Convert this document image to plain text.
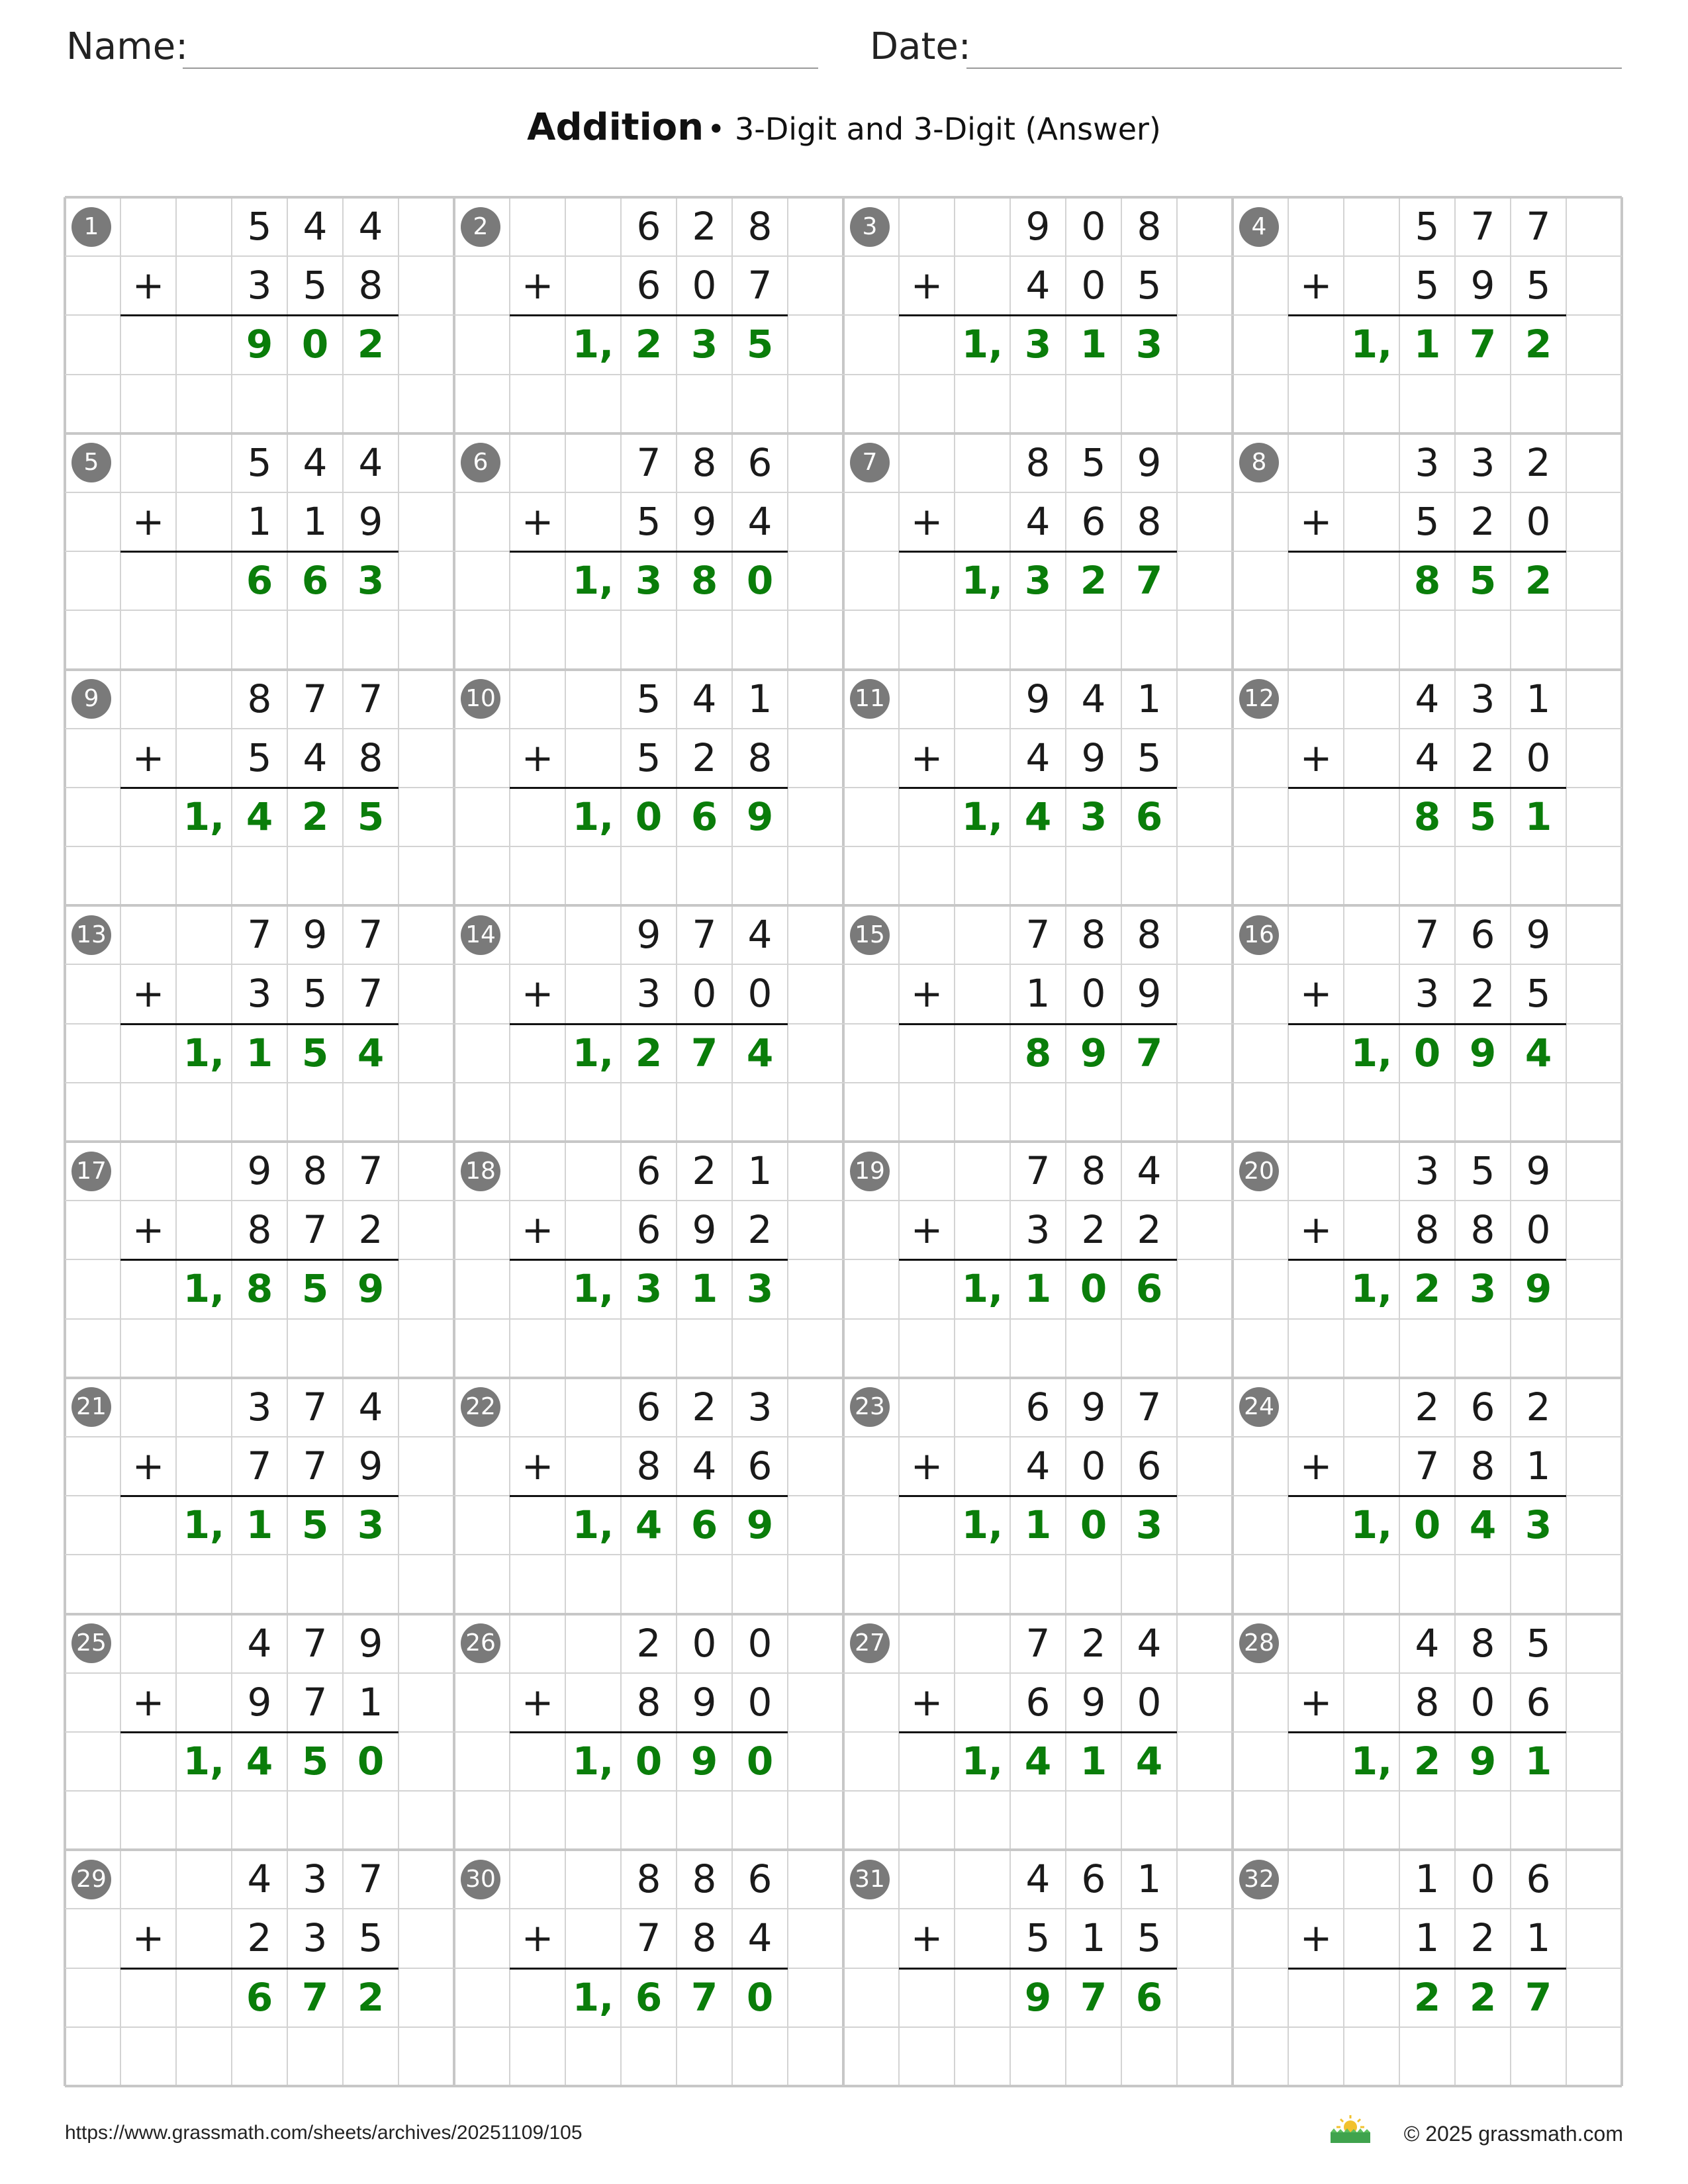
Name:	Date:
Addition • 3-Digit and 3-Digit (Answer)
1	5 4 4
+	3 5 8
9 0 2
2	6 2 8
+	6 0 7
1, 2 3 5
3	9 0 8
+	4 0 5
1, 3 1 3
4	5 7 7
+	5 9 5
1, 1 7 2
5	5 4 4
+	1 1 9
6 6 3
6	7 8 6
+	5 9 4
1, 3 8 0
7	8 5 9
+	4 6 8
1, 3 2 7
8	3 3 2
+	5 2 0
8 5 2
9	8 7 7
+	5 4 8
1, 4 2 5
10	5 4 1
+	5 2 8
1, 0 6 9
11	9 4 1
+	4 9 5
1, 4 3 6
12	4 3 1
+	4 2 0
8 5 1
13	7 9 7
+	3 5 7
1, 1 5 4
14	9 7 4
+	3 0 0
1, 2 7 4
15	7 8 8
+	1 0 9
8 9 7
16	7 6 9
+	3 2 5
1, 0 9 4
17	9 8 7
+	8 7 2
1, 8 5 9
18	6 2 1
+	6 9 2
1, 3 1 3
19	7 8 4
+	3 2 2
1, 1 0 6
20	3 5 9
+	8 8 0
1, 2 3 9
21	3 7 4
+	7 7 9
1, 1 5 3
22	6 2 3
+	8 4 6
1, 4 6 9
23	6 9 7
+	4 0 6
1, 1 0 3
24	2 6 2
+	7 8 1
1, 0 4 3
25	4 7 9
+	9 7 1
1, 4 5 0
26	2 0 0
+	8 9 0
1, 0 9 0
27	7 2 4
+	6 9 0
1, 4 1 4
28	4 8 5
+	8 0 6
1, 2 9 1
29	4 3 7
+	2 3 5
6 7 2
30	8 8 6
+	7 8 4
1, 6 7 0
31	4 6 1
+	5 1 5
9 7 6
32	1 0 6
+	1 2 1
2 2 7
https://www.grassmath.com/sheets/archives/20251109/105	© 2025 grassmath.com
